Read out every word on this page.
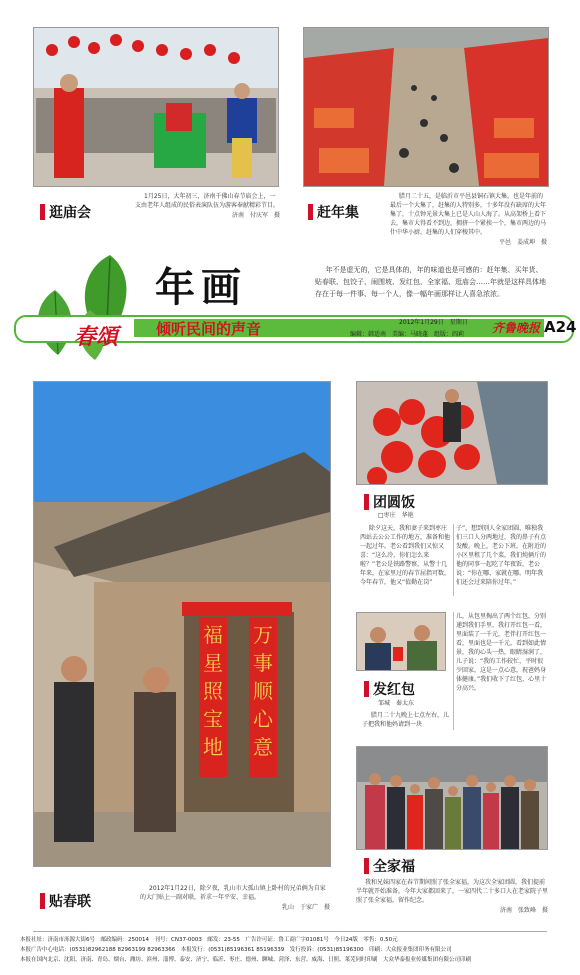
逛庙会

1月25日，大年初三，济南千佛山春节庙会上，一支由老年人组成的民俗表演队伍为游客奉献精彩节目。

济南　付庆军　摄	赶年集

腊月二十五，是临沂市平邑县铜石镇大集，也是年前的最后一个大集了，赶集的人特别多，十多年没有缺席的大年集了，十点钟光景大集上已是人山人海了。从高架桥上看下去，集市大得看不到边，拥挤一个紧挨一个，集市两边的马什中华小厨，赶集的人们穿梭其中。

平邑　姜成坤　摄
年画	年不是虚无的，它是具体的，年的味道也是可感的：赶年集、买年货、贴春联、包饺子、闹围坡、发红包、全家福、逛庙会……年就是这样具体地存在于每一件事、每一个人，像一幅年画那样让人喜急浓浓。
倾听民间的声音	2012年1月29日　星期日
编辑：韩适南　美编：马晓蓬　组版：阎莉 齐鲁晚报 A24
春頌
福星照宝地
万事顺心意
贴春联

2012年1月22日，除夕夜，乳山市大孤山镇上卧村的兄弟俩为自家的大门贴上一副对联，祈求一年平安、幸福。

乳山　于家广　摄
团圆饭
□枣庄　华艳

除夕这天，我和妻子来到枣庄西站去公公工作的地方，准备和他一起过年。老公看到我们又惊又喜：“这么冷，你们怎么来啦？”老公是铁路警察，从警十几年来，在家里过的春节屈指可数，今年春节，他又“值勤在岗”

子”，想到别人全家团圆，唯独我们三口人分两地过，我的鼻子有点发酸。晚上，老公下班，在附近的小区里租了几个菜，我们炖俩斤的他的同事一起吃了年夜饭，老公说：“你在哪，家就在哪。明年我们还会过来陪你过年。”

发红包
邹城　秦太东

腊月二十九晚上七点左右，儿子把我和他妈请到一块

儿，从包里掏出了两个红包，分别递到我们手里，我打开红包一看，里面装了一千元，老伴打开红包一看，里面也是一千元。看到如此情景，我的心头一热，眼睛湿润了，儿子说：“我的工作较忙，平时很少回家，这是一点心意，祝爸妈身体健康。”我们收下了红包，心里十分高兴。

全家福

我和兄妹四家在春节期间照了张全家福，为这次全家团圆，我们提前半年就开始准备，今年大家都回来了，一家四代二十多口人在老家院子里照了张全家福，留作纪念。

济南　张致峰　摄
本报社址：济南市泺源大街6号　邮政编码：250014　刊号：CN37-0003　邮发：23-55　广告许可证：鲁工商广字01081号　今日24版　零售：0.50元
本报广告中心电话：(0531)82962188 82963199 82963366　本报发行：(0531)85196361 85196339　发行投诉：(0531)85196300　印刷：大众报业集团印务有限公司
本报在国内北京、沈阳、济南、青岛、烟台、潍坊、滨州、淄博、泰安、济宁、临沂、枣庄、德州、聊城、菏泽、东营、威海、日照、莱芜同时印刷　大众华泰报业传媒集团有限公司印刷
